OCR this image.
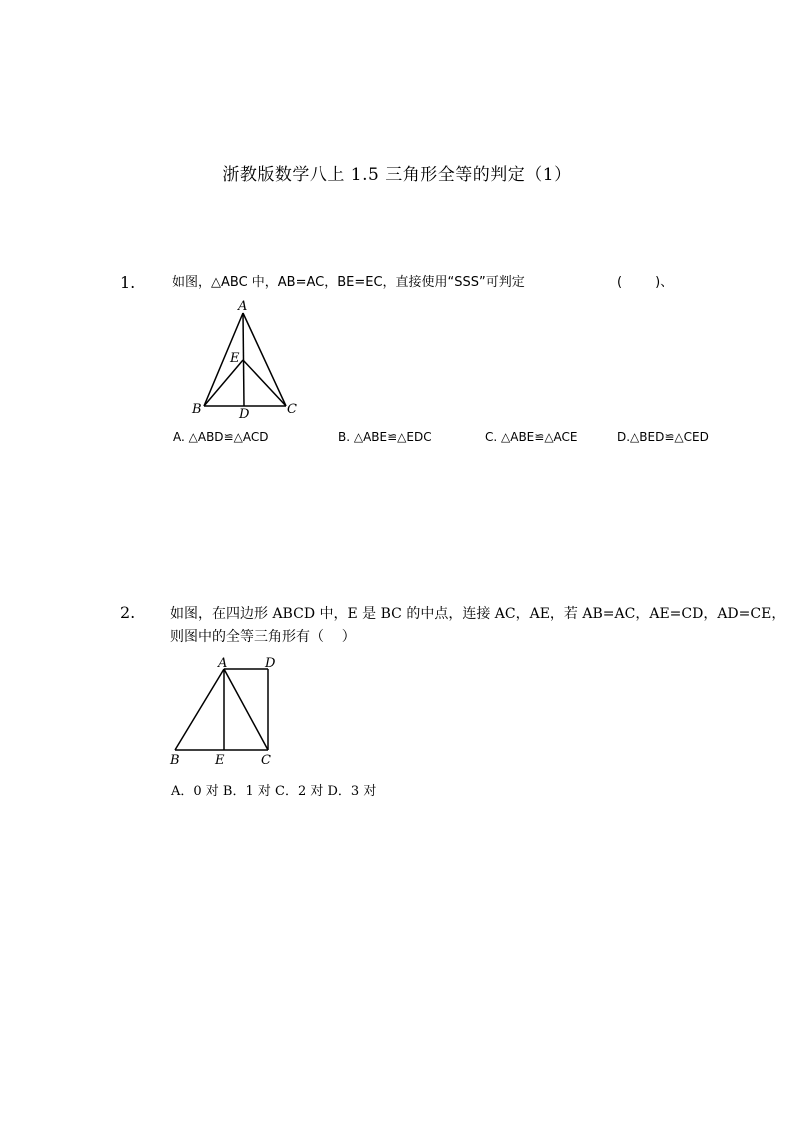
浙教版数学八上 1.5 三角形全等的判定（1）
1.	如图，△ABC 中，AB=AC，BE=EC，直接使用“SSS”可判定	(        )、
A
E
B	D	C
A. △ABD≌△ACD	B. △ABE≌△EDC	C. △ABE≌△ACE	D.△BED≌△CED
2. 如图，在四边形 ABCD 中，E 是 BC 的中点，连接 AC，AE，若 AB=AC，AE=CD，AD=CE，
则图中的全等三角形有（    ）
A	D
B	E	C
A．0 对 B．1 对 C．2 对 D．3 对
